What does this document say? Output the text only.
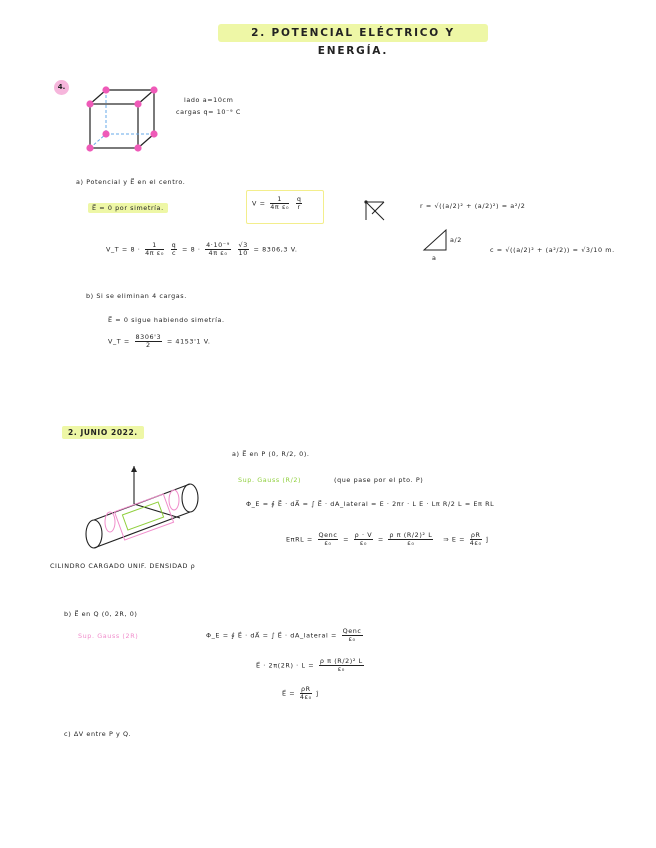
2. POTENCIAL ELÉCTRICO Y ENERGÍA.
4.
lado a=10cm
cargas q= 10⁻⁹ C
a) Potencial y E⃗ en el centro.
E⃗ = 0 por simetría.
$V = \frac{1}{\text{4π ε₀}}$
$\frac{q}{r}$	r = √((a/2)² + (a/2)²) = a²/2
a/2
a
c = √((a/2)² + (a²/2)) = √3/10 m.
V_T = $8 \cdot \frac{1}{\text{4π ε₀}}$
$\frac{q}{c} = 8 \cdot \frac{\text{4·10⁻⁹}}{\text{4π ε₀}}$
$\frac{√3}{10} = 8306,3$ V.
b) Si se eliminan 4 cargas.
E⃗ = 0 sigue habiendo simetría.
V_T = $\frac{8306'3}{2} = 4153'1$ V.
2. JUNIO 2022.
a) E⃗ en P (0, R/2, 0).
Sup. Gauss (R/2)	(que pase por el pto. P)
Φ_E = ∮ E⃗ · dA⃗ = ∫ E⃗ · dA_lateral = E · 2πr · L E · Lπ R/2 L = Eπ RL
$E\pi RL = \frac{\text{Qenc}}{\text{ε₀}} = \frac{\rho \cdot V}{\text{ε₀}} = \frac{\text{ρ π (R/2)² L}}{\text{ε₀}}$ ⇒ $E = \frac{\rho R}{\text{4ε₀}}$ ĵ
CILINDRO CARGADO UNIF. DENSIDAD ρ
b) E⃗ en Q (0, 2R, 0)
Sup. Gauss (2R)	Φ_E = ∮ E⃗ · dA⃗ = ∫ E⃗ · dA_lateral = $\frac{\text{Qenc}}{\text{ε₀}}$
E⃗ · $2\pi(2R) \cdot L = \frac{\text{ρ π (R/2)² L}}{\text{ε₀}}$
E⃗ = $\frac{\rho R}{\text{4ε₀}}$ ĵ
c) ΔV entre P y Q.
